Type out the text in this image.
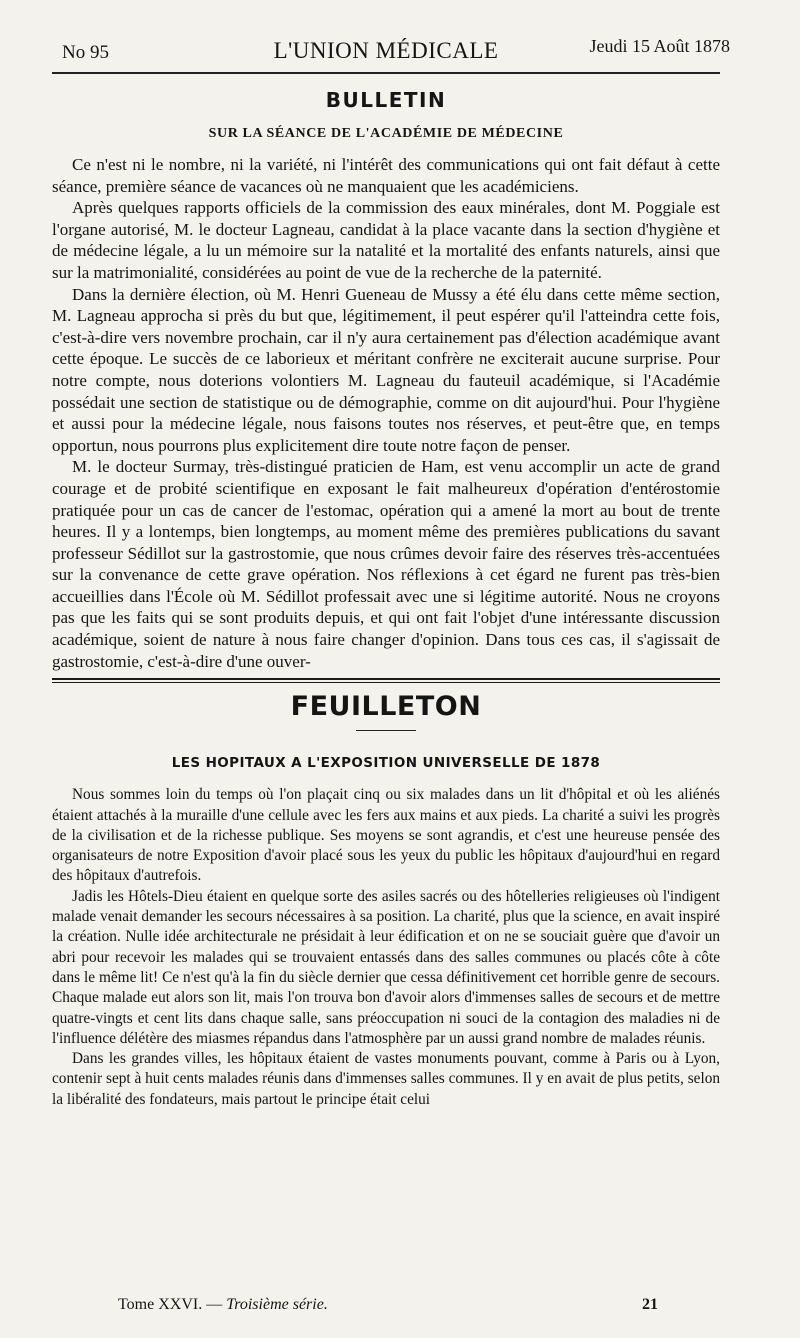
No 95	L'UNION MÉDICALE	Jeudi 15 Août 1878
BULLETIN
SUR LA SÉANCE DE L'ACADÉMIE DE MÉDECINE

Ce n'est ni le nombre, ni la variété, ni l'intérêt des communications qui ont fait défaut à cette séance, première séance de vacances où ne manquaient que les académiciens.

Après quelques rapports officiels de la commission des eaux minérales, dont M. Poggiale est l'organe autorisé, M. le docteur Lagneau, candidat à la place vacante dans la section d'hygiène et de médecine légale, a lu un mémoire sur la natalité et la mortalité des enfants naturels, ainsi que sur la matrimonialité, considérées au point de vue de la recherche de la paternité.

Dans la dernière élection, où M. Henri Gueneau de Mussy a été élu dans cette même section, M. Lagneau approcha si près du but que, légitimement, il peut espérer qu'il l'atteindra cette fois, c'est-à-dire vers novembre prochain, car il n'y aura certainement pas d'élection académique avant cette époque. Le succès de ce laborieux et méritant confrère ne exciterait aucune surprise. Pour notre compte, nous doterions volontiers M. Lagneau du fauteuil académique, si l'Académie possédait une section de statistique ou de démographie, comme on dit aujourd'hui. Pour l'hygiène et aussi pour la médecine légale, nous faisons toutes nos réserves, et peut-être que, en temps opportun, nous pourrons plus explicitement dire toute notre façon de penser.

M. le docteur Surmay, très-distingué praticien de Ham, est venu accomplir un acte de grand courage et de probité scientifique en exposant le fait malheureux d'opération d'entérostomie pratiquée pour un cas de cancer de l'estomac, opération qui a amené la mort au bout de trente heures. Il y a lontemps, bien longtemps, au moment même des premières publications du savant professeur Sédillot sur la gastrostomie, que nous crûmes devoir faire des réserves très-accentuées sur la convenance de cette grave opération. Nos réflexions à cet égard ne furent pas très-bien accueillies dans l'École où M. Sédillot professait avec une si légitime autorité. Nous ne croyons pas que les faits qui se sont produits depuis, et qui ont fait l'objet d'une intéressante discussion académique, soient de nature à nous faire changer d'opinion. Dans tous ces cas, il s'agissait de gastrostomie, c'est-à-dire d'une ouver-

FEUILLETON
LES HOPITAUX A L'EXPOSITION UNIVERSELLE DE 1878

Nous sommes loin du temps où l'on plaçait cinq ou six malades dans un lit d'hôpital et où les aliénés étaient attachés à la muraille d'une cellule avec les fers aux mains et aux pieds. La charité a suivi les progrès de la civilisation et de la richesse publique. Ses moyens se sont agrandis, et c'est une heureuse pensée des organisateurs de notre Exposition d'avoir placé sous les yeux du public les hôpitaux d'aujourd'hui en regard des hôpitaux d'autrefois.

Jadis les Hôtels-Dieu étaient en quelque sorte des asiles sacrés ou des hôtelleries religieuses où l'indigent malade venait demander les secours nécessaires à sa position. La charité, plus que la science, en avait inspiré la création. Nulle idée architecturale ne présidait à leur édification et on ne se souciait guère que d'avoir un abri pour recevoir les malades qui se trouvaient entassés dans des salles communes ou placés côte à côte dans le même lit! Ce n'est qu'à la fin du siècle dernier que cessa définitivement cet horrible genre de secours. Chaque malade eut alors son lit, mais l'on trouva bon d'avoir alors d'immenses salles de secours et de mettre quatre-vingts et cent lits dans chaque salle, sans préoccupation ni souci de la contagion des maladies ni de l'influence délétère des miasmes répandus dans l'atmosphère par un aussi grand nombre de malades réunis.

Dans les grandes villes, les hôpitaux étaient de vastes monuments pouvant, comme à Paris ou à Lyon, contenir sept à huit cents malades réunis dans d'immenses salles communes. Il y en avait de plus petits, selon la libéralité des fondateurs, mais partout le principe était celui

Tome XXVI. — Troisième série.	21
